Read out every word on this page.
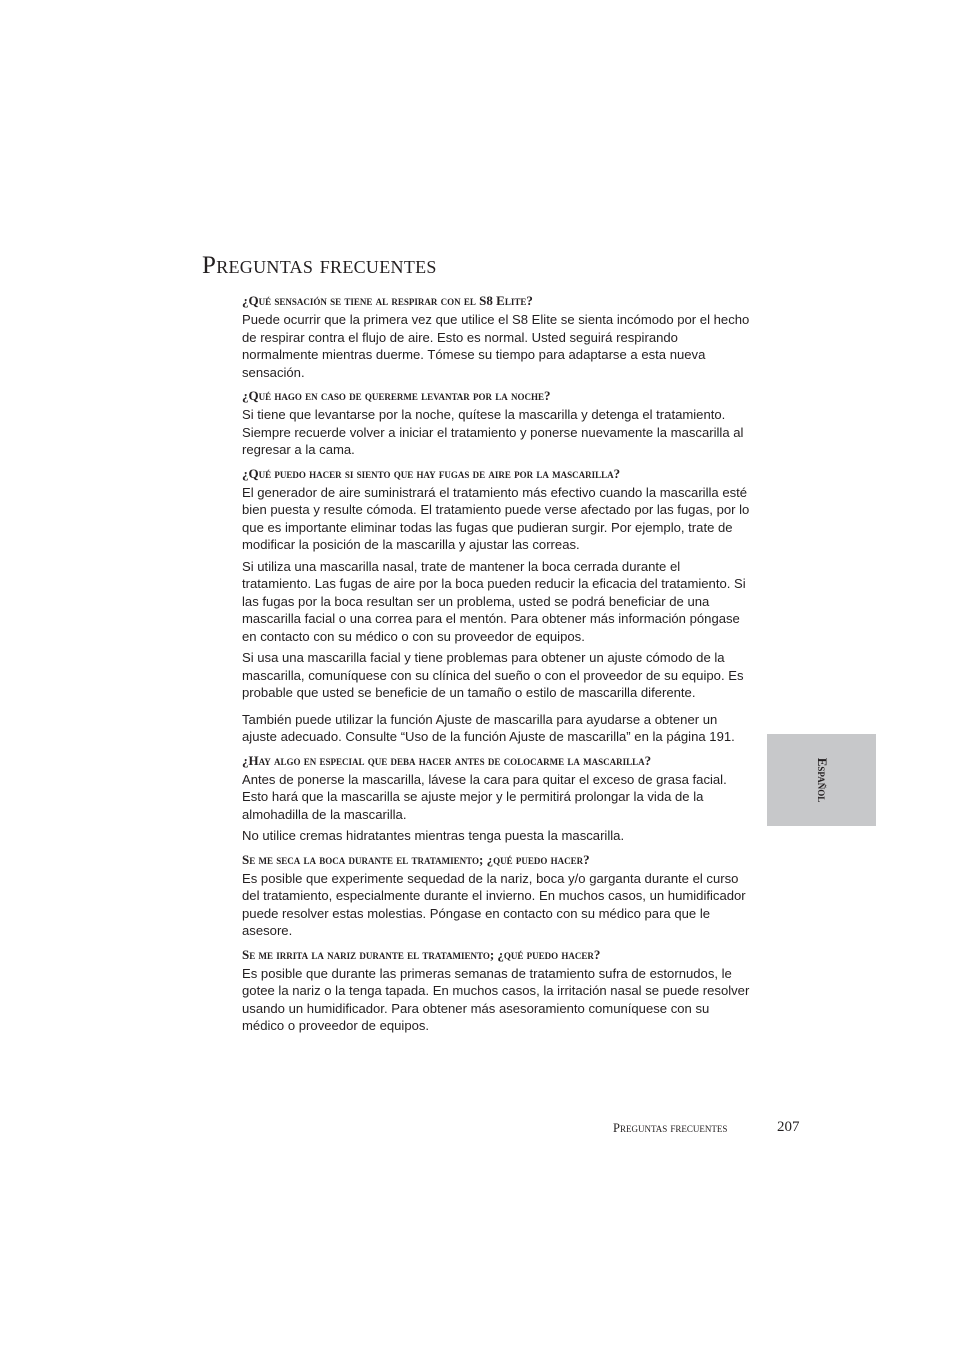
Preguntas frecuentes
¿Qué sensación se tiene al respirar con el S8 Elite?

Puede ocurrir que la primera vez que utilice el S8 Elite se sienta incómodo por el hecho de respirar contra el flujo de aire. Esto es normal. Usted seguirá respirando normalmente mientras duerme. Tómese su tiempo para adaptarse a esta nueva sensación.

¿Qué hago en caso de quererme levantar por la noche?

Si tiene que levantarse por la noche, quítese la mascarilla y detenga el tratamiento. Siempre recuerde volver a iniciar el tratamiento y ponerse nuevamente la mascarilla al regresar a la cama.

¿Qué puedo hacer si siento que hay fugas de aire por la mascarilla?

El generador de aire suministrará el tratamiento más efectivo cuando la mascarilla esté bien puesta y resulte cómoda. El tratamiento puede verse afectado por las fugas, por lo que es importante eliminar todas las fugas que pudieran surgir. Por ejemplo, trate de modificar la posición de la mascarilla y ajustar las correas.

Si utiliza una mascarilla nasal, trate de mantener la boca cerrada durante el tratamiento. Las fugas de aire por la boca pueden reducir la eficacia del tratamiento. Si las fugas por la boca resultan ser un problema, usted se podrá beneficiar de una mascarilla facial o una correa para el mentón. Para obtener más información póngase en contacto con su médico o con su proveedor de equipos.

Si usa una mascarilla facial y tiene problemas para obtener un ajuste cómodo de la mascarilla, comuníquese con su clínica del sueño o con el proveedor de su equipo. Es probable que usted se beneficie de un tamaño o estilo de mascarilla diferente.

También puede utilizar la función Ajuste de mascarilla para ayudarse a obtener un ajuste adecuado. Consulte “Uso de la función Ajuste de mascarilla” en la página 191.

¿Hay algo en especial que deba hacer antes de colocarme la mascarilla?

Antes de ponerse la mascarilla, lávese la cara para quitar el exceso de grasa facial. Esto hará que la mascarilla se ajuste mejor y le permitirá prolongar la vida de la almohadilla de la mascarilla.

No utilice cremas hidratantes mientras tenga puesta la mascarilla.

Se me seca la boca durante el tratamiento; ¿qué puedo hacer?

Es posible que experimente sequedad de la nariz, boca y/o garganta durante el curso del tratamiento, especialmente durante el invierno. En muchos casos, un humidificador puede resolver estas molestias. Póngase en contacto con su médico para que le asesore.

Se me irrita la nariz durante el tratamiento; ¿qué puedo hacer?

Es posible que durante las primeras semanas de tratamiento sufra de estornudos, le gotee la nariz o la tenga tapada. En muchos casos, la irritación nasal se puede resolver usando un humidificador. Para obtener más asesoramiento comuníquese con su médico o proveedor de equipos.

Español
Preguntas frecuentes	207
